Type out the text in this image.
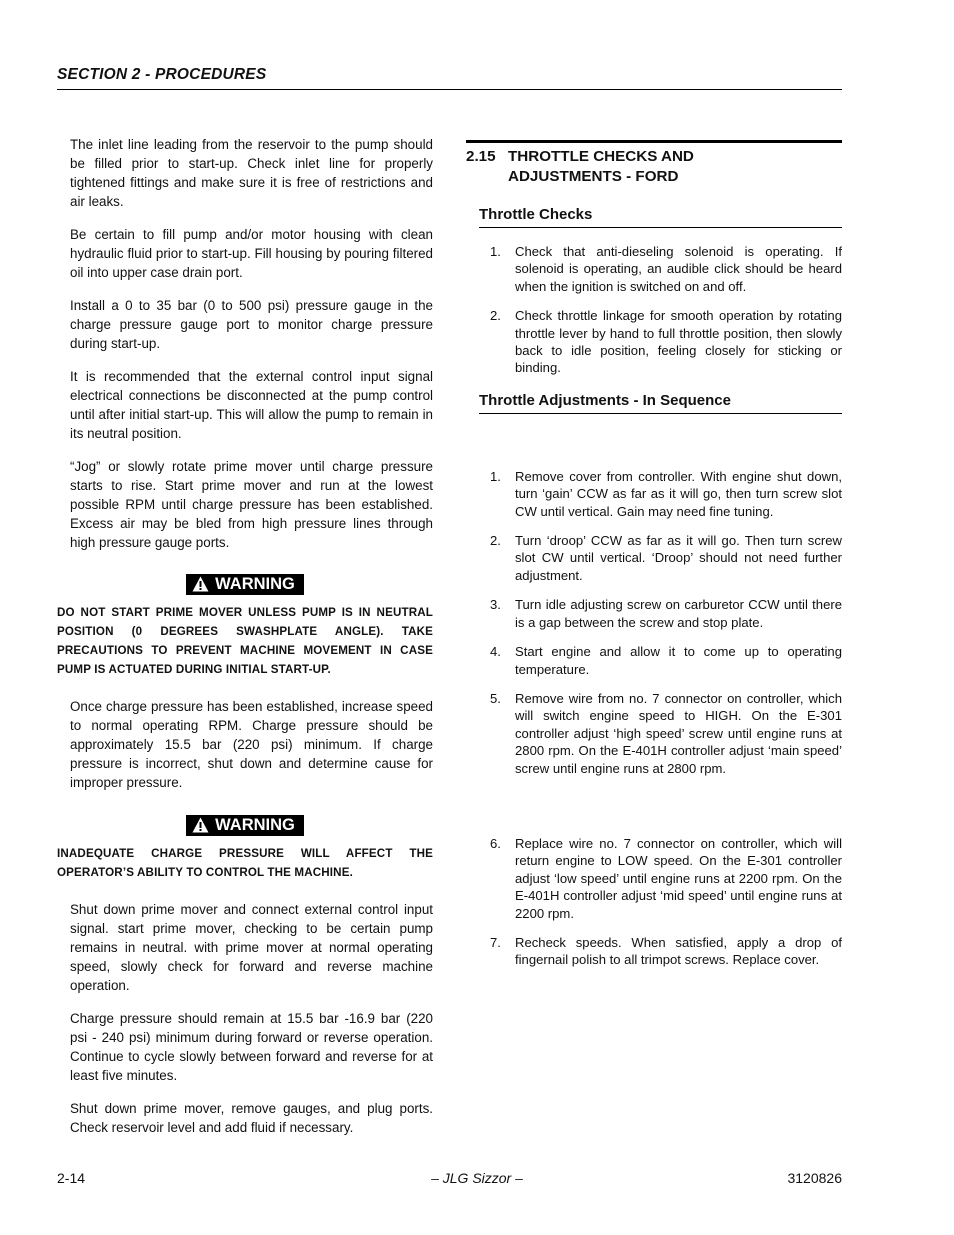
SECTION 2 - PROCEDURES

The inlet line leading from the reservoir to the pump should be filled prior to start-up. Check inlet line for properly tightened fittings and make sure it is free of restrictions and air leaks.

Be certain to fill pump and/or motor housing with clean hydraulic fluid prior to start-up. Fill housing by pouring filtered oil into upper case drain port.

Install a 0 to 35 bar (0 to 500 psi) pressure gauge in the charge pressure gauge port to monitor charge pressure during start-up.

It is recommended that the external control input signal electrical connections be disconnected at the pump control until after initial start-up. This will allow the pump to remain in its neutral position.

“Jog” or slowly rotate prime mover until charge pressure starts to rise. Start prime mover and run at the lowest possible RPM until charge pressure has been established. Excess air may be bled from high pressure lines through high pressure gauge ports.

WARNING
DO NOT START PRIME MOVER UNLESS PUMP IS IN NEUTRAL POSITION (0 DEGREES SWASHPLATE ANGLE). TAKE PRECAUTIONS TO PREVENT MACHINE MOVEMENT IN CASE PUMP IS ACTUATED DURING INITIAL START-UP.

Once charge pressure has been established, increase speed to normal operating RPM. Charge pressure should be approximately 15.5 bar (220 psi) minimum. If charge pressure is incorrect, shut down and determine cause for improper pressure.

WARNING
INADEQUATE CHARGE PRESSURE WILL AFFECT THE OPERATOR’S ABILITY TO CONTROL THE MACHINE.

Shut down prime mover and connect external control input signal. start prime mover, checking to be certain pump remains in neutral. with prime mover at normal operating speed, slowly check for forward and reverse machine operation.

Charge pressure should remain at 15.5 bar -16.9 bar (220 psi - 240 psi) minimum during forward or reverse operation. Continue to cycle slowly between forward and reverse for at least five minutes.

Shut down prime mover, remove gauges, and plug ports. Check reservoir level and add fluid if necessary.

2.15 THROTTLE CHECKS AND
ADJUSTMENTS - FORD
Throttle Checks
1.	Check that anti-dieseling solenoid is operating. If solenoid is operating, an audible click should be heard when the ignition is switched on and off.
2.	Check throttle linkage for smooth operation by rotating throttle lever by hand to full throttle position, then slowly back to idle position, feeling closely for sticking or binding.
Throttle Adjustments - In Sequence
1.	Remove cover from controller. With engine shut down, turn ‘gain’ CCW as far as it will go, then turn screw slot CW until vertical. Gain may need fine tuning.
2.	Turn ‘droop’ CCW as far as it will go. Then turn screw slot CW until vertical. ‘Droop’ should not need further adjustment.
3.	Turn idle adjusting screw on carburetor CCW until there is a gap between the screw and stop plate.
4.	Start engine and allow it to come up to operating temperature.
5.	Remove wire from no. 7 connector on controller, which will switch engine speed to HIGH. On the E-301 controller adjust ‘high speed’ screw until engine runs at 2800 rpm. On the E-401H controller adjust ‘main speed’ screw until engine runs at 2800 rpm.
6.	Replace wire no. 7 connector on controller, which will return engine to LOW speed. On the E-301 controller adjust ‘low speed’ until engine runs at 2200 rpm. On the E-401H controller adjust ‘mid speed’ until engine runs at 2200 rpm.
7.	Recheck speeds. When satisfied, apply a drop of fingernail polish to all trimpot screws. Replace cover.
2-14	– JLG Sizzor –	3120826
